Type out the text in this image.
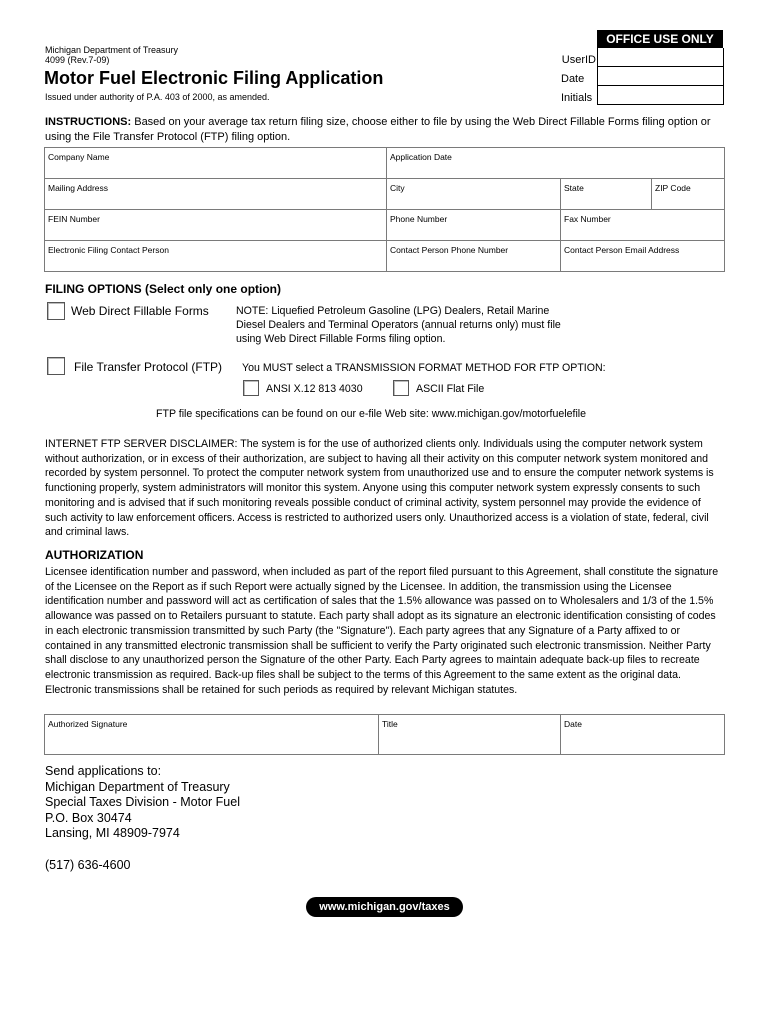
Michigan Department of Treasury
4099 (Rev.7-09)
Motor Fuel Electronic Filing Application
Issued under authority of P.A. 403 of 2000, as amended.
OFFICE USE ONLY
UserID
Date
Initials
INSTRUCTIONS: Based on your average tax return filing size, choose either to file by using the Web Direct Fillable Forms filing option or using the File Transfer Protocol (FTP) filing option.
Company Name	Application Date		
Mailing Address	City	State	ZIP Code
FEIN Number	Phone Number	Fax Number	
Electronic Filing Contact Person	Contact Person Phone Number	Contact Person Email Address	
FILING OPTIONS (Select only one option)
Web Direct Fillable Forms	NOTE: Liquefied Petroleum Gasoline (LPG) Dealers, Retail Marine Diesel Dealers and Terminal Operators (annual returns only) must file using Web Direct Fillable Forms filing option.
File Transfer Protocol (FTP) You MUST select a TRANSMISSION FORMAT METHOD FOR FTP OPTION:
ANSI X.12 813 4030	ASCII Flat File
FTP file specifications can be found on our e-file Web site: www.michigan.gov/motorfuelefile
INTERNET FTP SERVER DISCLAIMER: The system is for the use of authorized clients only. Individuals using the computer network system without authorization, or in excess of their authorization, are subject to having all their activity on this computer network system monitored and recorded by system personnel. To protect the computer network system from unauthorized use and to ensure the computer network systems is functioning properly, system administrators will monitor this system. Anyone using this computer network system expressly consents to such monitoring and is advised that if such monitoring reveals possible conduct of criminal activity, system personnel may provide the evidence of such activity to law enforcement officers. Access is restricted to authorized users only. Unauthorized access is a violation of state, federal, civil and criminal laws.
AUTHORIZATION
Licensee identification number and password, when included as part of the report filed pursuant to this Agreement, shall constitute the signature of the Licensee on the Report as if such Report were actually signed by the Licensee. In addition, the transmission using the Licensee identification number and password will act as certification of sales that the 1.5% allowance was passed on to Wholesalers and 1/3 of the 1.5% allowance was passed on to Retailers pursuant to statute. Each party shall adopt as its signature an electronic identification consisting of codes in each electronic transmission transmitted by such Party (the "Signature"). Each party agrees that any Signature of a Party affixed to or contained in any transmitted electronic transmission shall be sufficient to verify the Party originated such electronic transmission. Neither Party shall disclose to any unauthorized person the Signature of the other Party. Each Party agrees to maintain adequate back-up files to recreate electronic transmission as required. Back-up files shall be subject to the terms of this Agreement to the same extent as the original data. Electronic transmissions shall be retained for such periods as required by relevant Michigan statutes.
Authorized Signature	Title	Date
Send applications to:
Michigan Department of Treasury
Special Taxes Division - Motor Fuel
P.O. Box 30474
Lansing, MI 48909-7974
(517) 636-4600
www.michigan.gov/taxes
